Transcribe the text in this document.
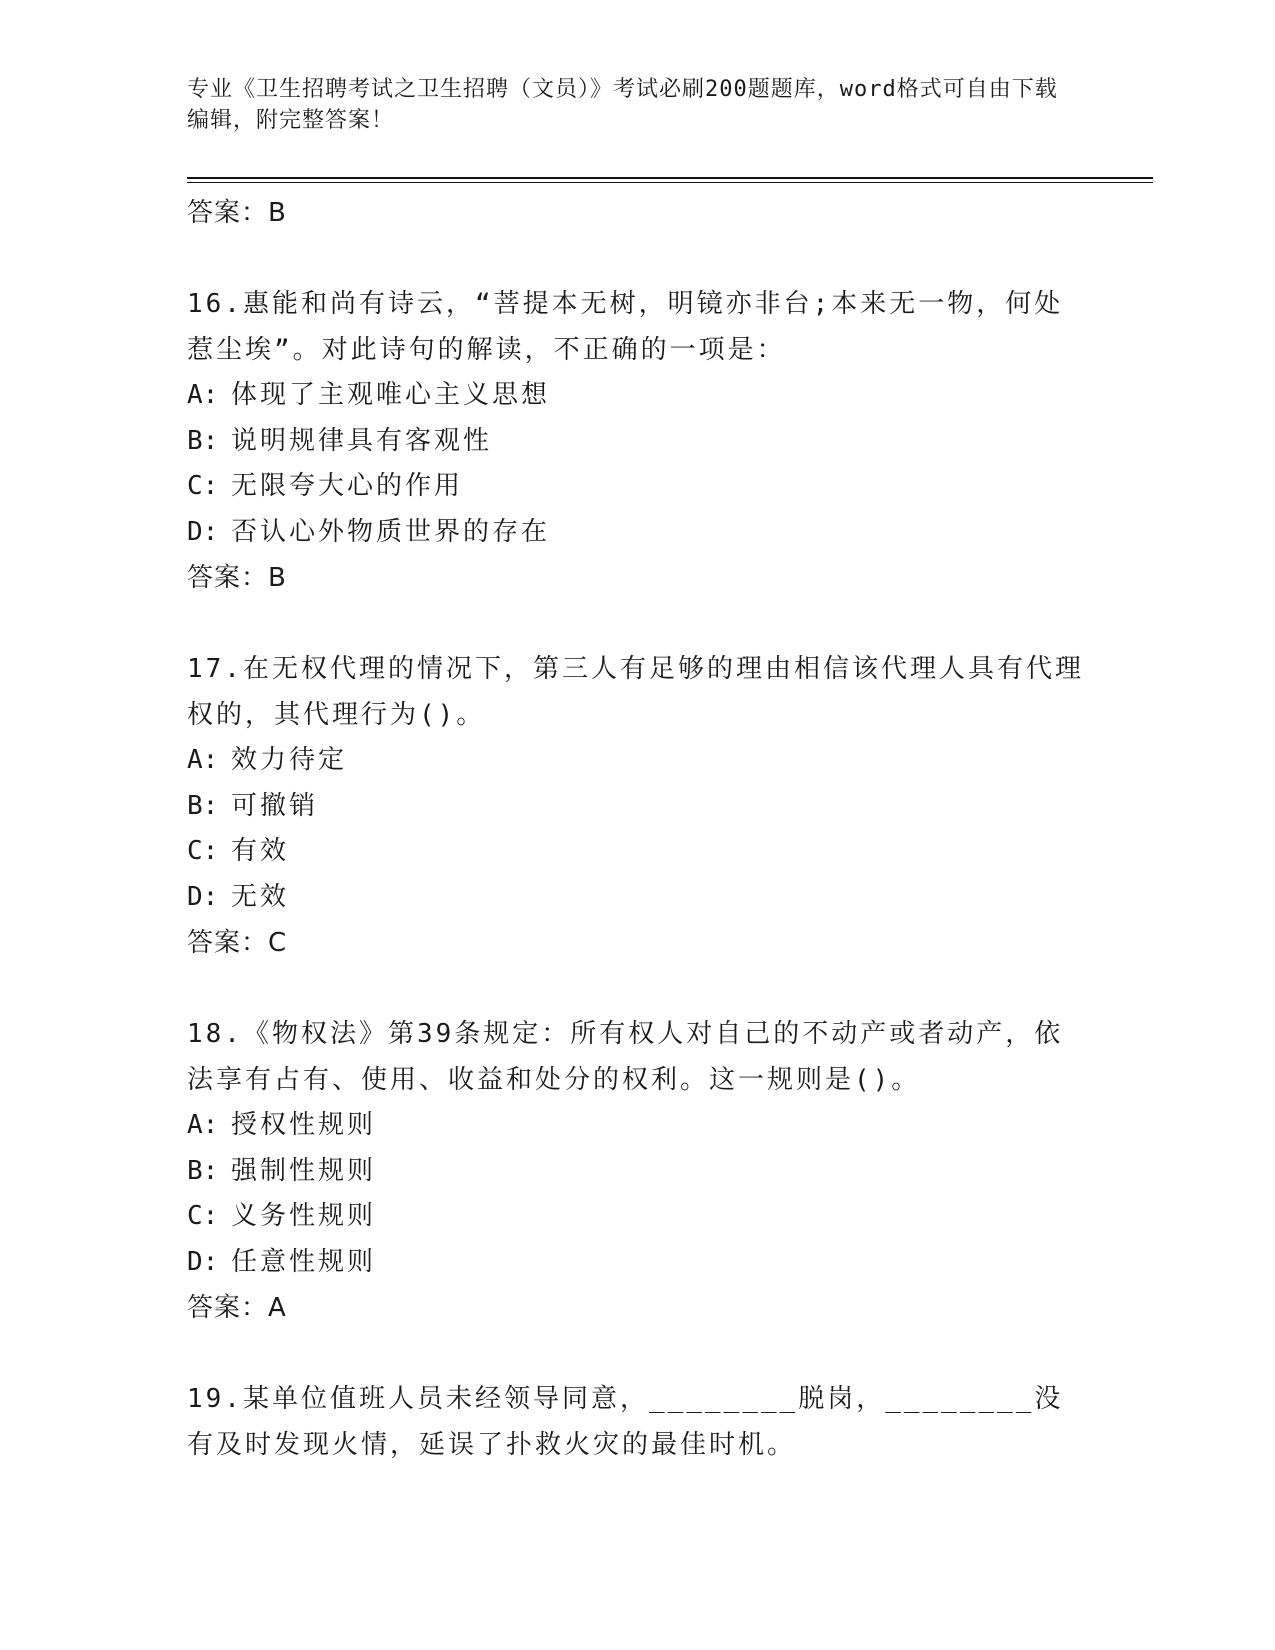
专业《卫生招聘考试之卫生招聘（文员）》考试必刷200题题库，word格式可自由下载编辑，附完整答案！
答案：B
16.惠能和尚有诗云，“菩提本无树，明镜亦非台;本来无一物，何处惹尘埃”。对此诗句的解读，不正确的一项是：
A: 体现了主观唯心主义思想
B: 说明规律具有客观性
C: 无限夸大心的作用
D: 否认心外物质世界的存在
答案：B
17.在无权代理的情况下，第三人有足够的理由相信该代理人具有代理权的，其代理行为()。
A: 效力待定
B: 可撤销
C: 有效
D: 无效
答案：C
18.《物权法》第39条规定：所有权人对自己的不动产或者动产，依法享有占有、使用、收益和处分的权利。这一规则是()。
A: 授权性规则
B: 强制性规则
C: 义务性规则
D: 任意性规则
答案：A
19.某单位值班人员未经领导同意，________脱岗，________没有及时发现火情，延误了扑救火灾的最佳时机。
